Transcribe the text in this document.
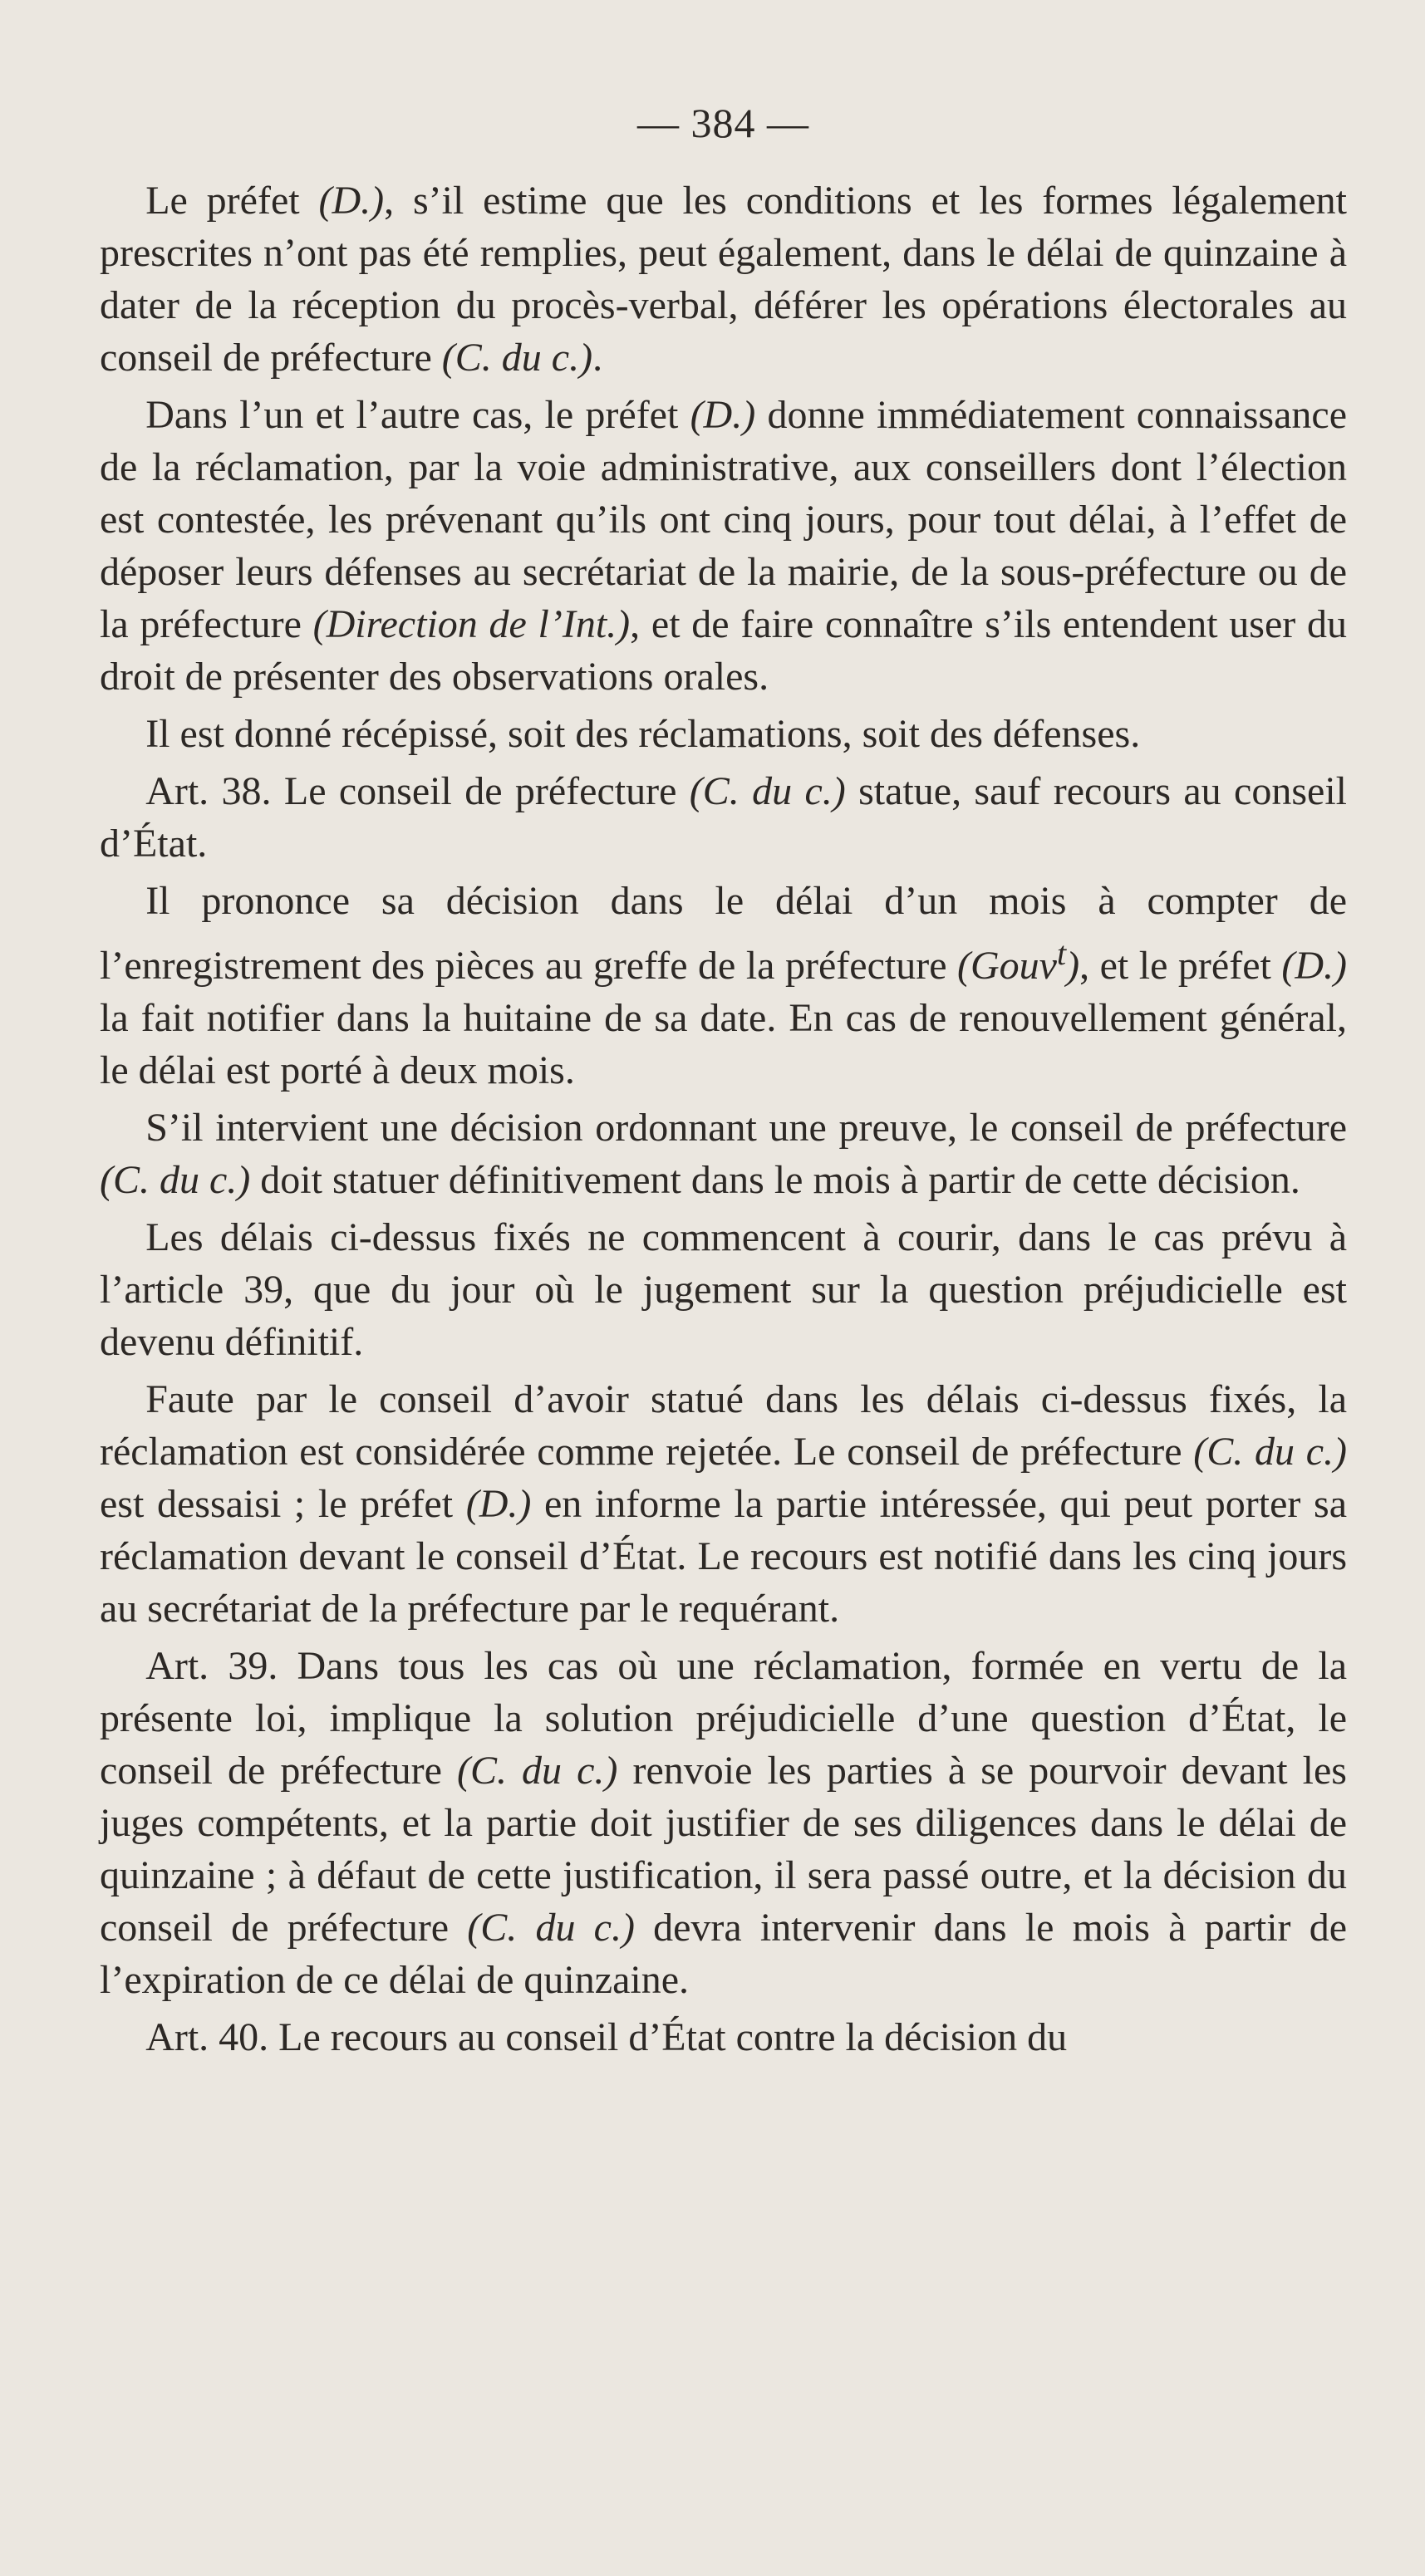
— 384 —

Le préfet (D.), s’il estime que les conditions et les formes légalement prescrites n’ont pas été remplies, peut également, dans le délai de quinzaine à dater de la réception du procès-verbal, déférer les opérations électorales au conseil de préfecture (C. du c.).

Dans l’un et l’autre cas, le préfet (D.) donne immédiatement connaissance de la réclamation, par la voie administrative, aux conseillers dont l’élection est contestée, les prévenant qu’ils ont cinq jours, pour tout délai, à l’effet de déposer leurs défenses au secrétariat de la mairie, de la sous-préfecture ou de la préfecture (Direction de l’Int.), et de faire connaître s’ils entendent user du droit de présenter des observations orales.

Il est donné récépissé, soit des réclamations, soit des défenses.

Art. 38. Le conseil de préfecture (C. du c.) statue, sauf recours au conseil d’État.

Il prononce sa décision dans le délai d’un mois à compter de l’enregistrement des pièces au greffe de la préfecture (Gouv$^t$), et le préfet (D.) la fait notifier dans la huitaine de sa date. En cas de renouvellement général, le délai est porté à deux mois.

S’il intervient une décision ordonnant une preuve, le conseil de préfecture (C. du c.) doit statuer définitivement dans le mois à partir de cette décision.

Les délais ci-dessus fixés ne commencent à courir, dans le cas prévu à l’article 39, que du jour où le jugement sur la question préjudicielle est devenu définitif.

Faute par le conseil d’avoir statué dans les délais ci-dessus fixés, la réclamation est considérée comme rejetée. Le conseil de préfecture (C. du c.) est dessaisi ; le préfet (D.) en informe la partie intéressée, qui peut porter sa réclamation devant le conseil d’État. Le recours est notifié dans les cinq jours au secrétariat de la préfecture par le requérant.

Art. 39. Dans tous les cas où une réclamation, formée en vertu de la présente loi, implique la solution préjudicielle d’une question d’État, le conseil de préfecture (C. du c.) renvoie les parties à se pourvoir devant les juges compétents, et la partie doit justifier de ses diligences dans le délai de quinzaine ; à défaut de cette justification, il sera passé outre, et la décision du conseil de préfecture (C. du c.) devra intervenir dans le mois à partir de l’expiration de ce délai de quinzaine.

Art. 40. Le recours au conseil d’État contre la décision du
